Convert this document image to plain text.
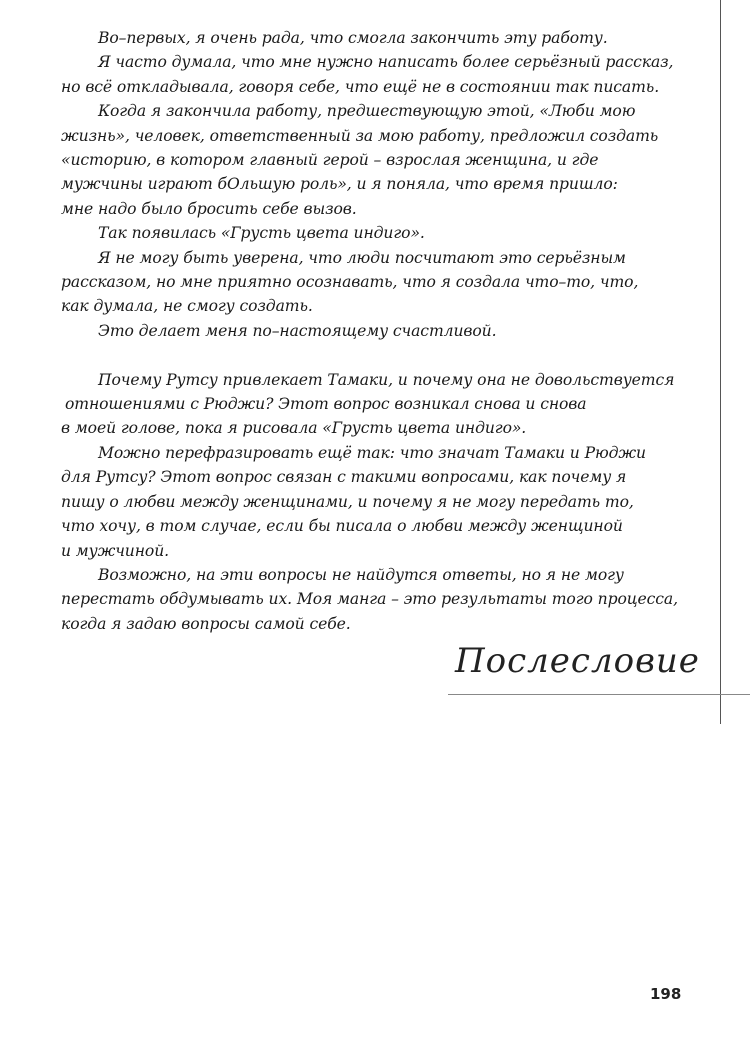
Во–первых, я очень рада, что смогла закончить эту работу.
Я часто думала, что мне нужно написать более серьёзный рассказ,
но всё откладывала, говоря себе, что ещё не в состоянии так писать.
Когда я закончила работу, предшествующую этой, «Люби мою
жизнь», человек, ответственный за мою работу, предложил создать
«историю, в котором главный герой – взрослая женщина, и где
мужчины играют бОльшую роль», и я поняла, что время пришло:
мне надо было бросить себе вызов.
Так появилась «Грусть цвета индиго».
Я не могу быть уверена, что люди посчитают это серьёзным
рассказом, но мне приятно осознавать, что я создала что–то, что,
как думала, не смогу создать.
Это делает меня по–настоящему счастливой.
Почему Рутсу привлекает Тамаки, и почему она не довольствуется
отношениями с Рюджи? Этот вопрос возникал снова и снова
в моей голове, пока я рисовала «Грусть цвета индиго».
Можно перефразировать ещё так: что значат Тамаки и Рюджи
для Рутсу? Этот вопрос связан с такими вопросами, как почему я
пишу о любви между женщинами, и почему я не могу передать то,
что хочу, в том случае, если бы писала о любви между женщиной
и мужчиной.
Возможно, на эти вопросы не найдутся ответы, но я не могу
перестать обдумывать их. Моя манга – это результаты того процесса,
когда я задаю вопросы самой себе.
Послесловие
198
